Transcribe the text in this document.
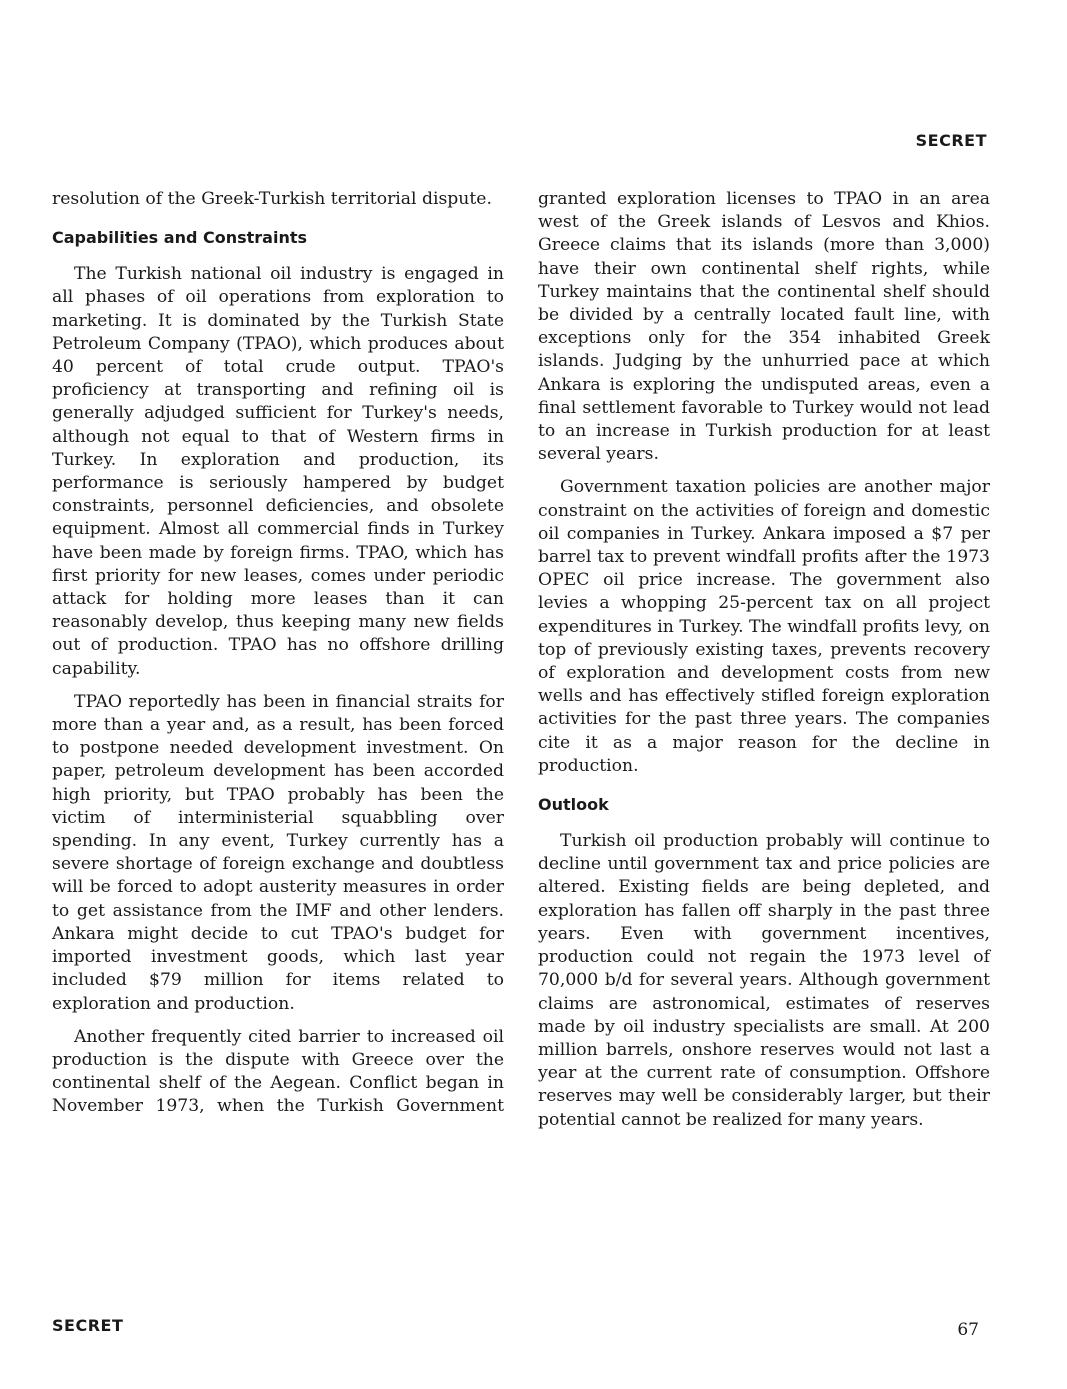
SECRET

resolution of the Greek-Turkish territorial dispute.

Capabilities and Constraints

The Turkish national oil industry is engaged in all phases of oil operations from exploration to marketing. It is dominated by the Turkish State Petroleum Company (TPAO), which produces about 40 percent of total crude output. TPAO's proficiency at transporting and refining oil is generally adjudged sufficient for Turkey's needs, although not equal to that of Western firms in Turkey. In exploration and production, its performance is seriously hampered by budget constraints, personnel deficiencies, and obsolete equipment. Almost all commercial finds in Turkey have been made by foreign firms. TPAO, which has first priority for new leases, comes under periodic attack for holding more leases than it can reasonably develop, thus keeping many new fields out of production. TPAO has no offshore drilling capability.

TPAO reportedly has been in financial straits for more than a year and, as a result, has been forced to postpone needed development investment. On paper, petroleum development has been accorded high priority, but TPAO probably has been the victim of interministerial squabbling over spending. In any event, Turkey currently has a severe shortage of foreign exchange and doubtless will be forced to adopt austerity measures in order to get assistance from the IMF and other lenders. Ankara might decide to cut TPAO's budget for imported investment goods, which last year included $79 million for items related to exploration and production.

Another frequently cited barrier to increased oil production is the dispute with Greece over the continental shelf of the Aegean. Conflict began in November 1973, when the Turkish Government

granted exploration licenses to TPAO in an area west of the Greek islands of Lesvos and Khios. Greece claims that its islands (more than 3,000) have their own continental shelf rights, while Turkey maintains that the continental shelf should be divided by a centrally located fault line, with exceptions only for the 354 inhabited Greek islands. Judging by the unhurried pace at which Ankara is exploring the undisputed areas, even a final settlement favorable to Turkey would not lead to an increase in Turkish production for at least several years.

Government taxation policies are another major constraint on the activities of foreign and domestic oil companies in Turkey. Ankara imposed a $7 per barrel tax to prevent windfall profits after the 1973 OPEC oil price increase. The government also levies a whopping 25-percent tax on all project expenditures in Turkey. The windfall profits levy, on top of previously existing taxes, prevents recovery of exploration and development costs from new wells and has effectively stifled foreign exploration activities for the past three years. The companies cite it as a major reason for the decline in production.

Outlook

Turkish oil production probably will continue to decline until government tax and price policies are altered. Existing fields are being depleted, and exploration has fallen off sharply in the past three years. Even with government incentives, production could not regain the 1973 level of 70,000 b/d for several years. Although government claims are astronomical, estimates of reserves made by oil industry specialists are small. At 200 million barrels, onshore reserves would not last a year at the current rate of consumption. Offshore reserves may well be considerably larger, but their potential cannot be realized for many years.

SECRET	67
